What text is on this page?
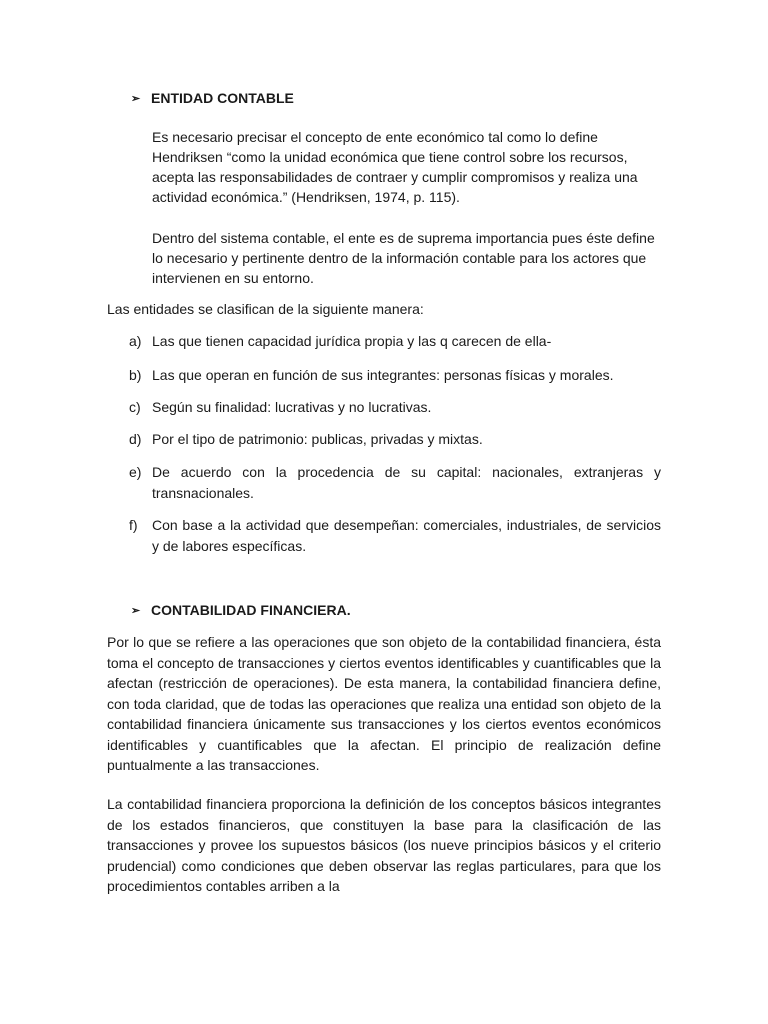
➢ ENTIDAD CONTABLE
Es necesario precisar el concepto de ente económico tal como lo define Hendriksen “como la unidad económica que tiene control sobre los recursos, acepta las responsabilidades de contraer y cumplir compromisos y realiza una actividad económica.” (Hendriksen, 1974, p. 115).
Dentro del sistema contable, el ente es de suprema importancia pues éste define lo necesario y pertinente dentro de la información contable para los actores que intervienen en su entorno.
Las entidades se clasifican de la siguiente manera:
a) Las que tienen capacidad jurídica propia y las q carecen de ella-
b) Las que operan en función de sus integrantes: personas físicas y morales.
c) Según su finalidad: lucrativas y no lucrativas.
d) Por el tipo de patrimonio: publicas, privadas y mixtas.
e) De acuerdo con la procedencia de su capital: nacionales, extranjeras y transnacionales.
f)	Con base a la actividad que desempeñan: comerciales, industriales, de servicios y de labores específicas.
➢ CONTABILIDAD FINANCIERA.
Por lo que se refiere a las operaciones que son objeto de la contabilidad financiera, ésta toma el concepto de transacciones y ciertos eventos identificables y cuantificables que la afectan (restricción de operaciones). De esta manera, la contabilidad financiera define, con toda claridad, que de todas las operaciones que realiza una entidad son objeto de la contabilidad financiera únicamente sus transacciones y los ciertos eventos económicos identificables y cuantificables que la afectan. El principio de realización define puntualmente a las transacciones.
La contabilidad financiera proporciona la definición de los conceptos básicos integrantes de los estados financieros, que constituyen la base para la clasificación de las transacciones y provee los supuestos básicos (los nueve principios básicos y el criterio prudencial) como condiciones que deben observar las reglas particulares, para que los procedimientos contables arriben a la
